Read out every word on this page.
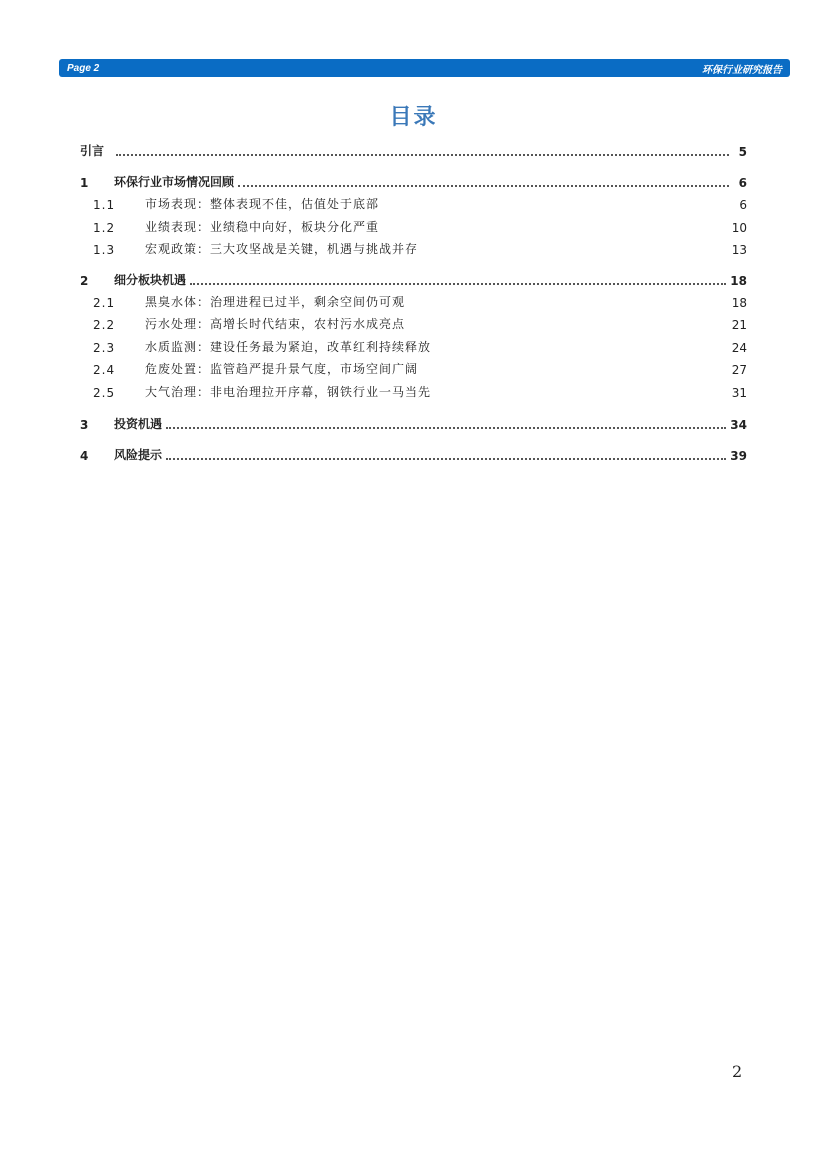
Page 2	环保行业研究报告
目录
引言	5
1	环保行业市场情况回顾	6
1.1	市场表现：整体表现不佳，估值处于底部	6
1.2	业绩表现：业绩稳中向好，板块分化严重	10
1.3	宏观政策：三大攻坚战是关键，机遇与挑战并存	13
2	细分板块机遇	18
2.1	黑臭水体：治理进程已过半，剩余空间仍可观	18
2.2	污水处理：高增长时代结束，农村污水成亮点	21
2.3	水质监测：建设任务最为紧迫，改革红利持续释放	24
2.4	危废处置：监管趋严提升景气度，市场空间广阔	27
2.5	大气治理：非电治理拉开序幕，钢铁行业一马当先	31
3	投资机遇	34
4	风险提示	39
2
